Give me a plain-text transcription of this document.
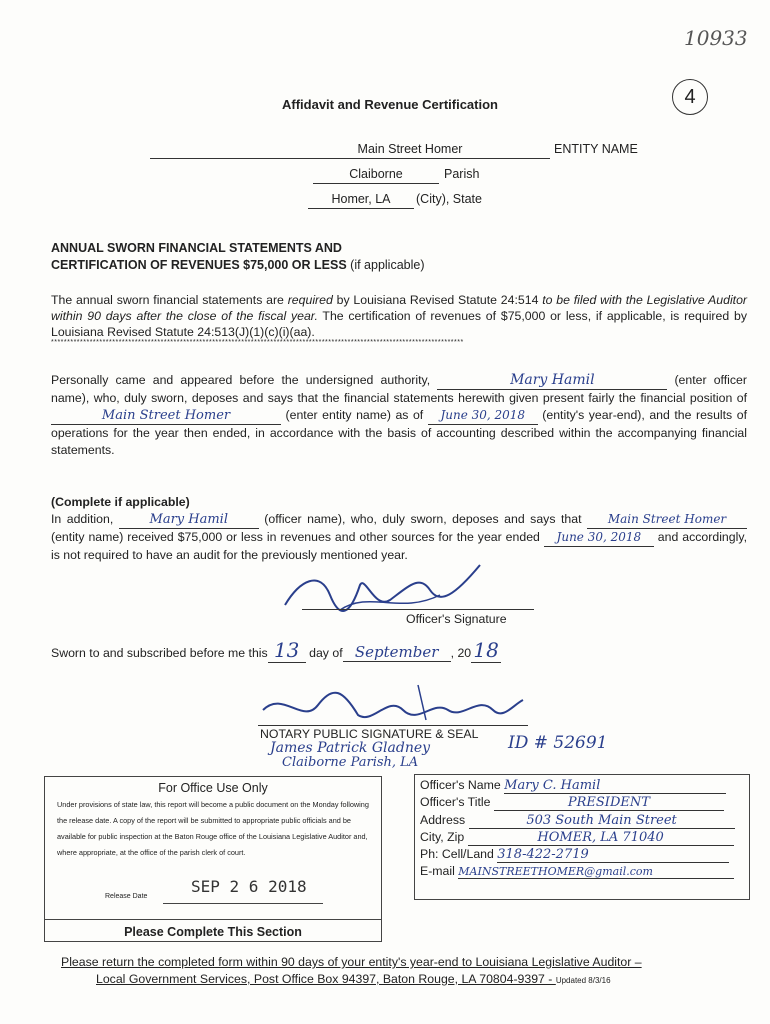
10933
4
Affidavit and Revenue Certification
Main Street Homer	ENTITY NAME
Claiborne	Parish
Homer, LA	(City), State
ANNUAL SWORN FINANCIAL STATEMENTS AND
CERTIFICATION OF REVENUES $75,000 OR LESS (if applicable)
The annual sworn financial statements are required by Louisiana Revised Statute 24:514 to be filed with the Legislative Auditor within 90 days after the close of the fiscal year. The certification of revenues of $75,000 or less, if applicable, is required by Louisiana Revised Statute 24:513(J)(1)(c)(i)(aa).
********************************************************************************************************************************
Personally came and appeared before the undersigned authority,	Mary Hamil	(enter officer name), who, duly sworn, deposes and says that the financial statements herewith given present fairly the financial position of Main Street Homer	(enter entity name) as of June 30, 2018 (entity's year-end), and the results of operations for the year then ended, in accordance with the basis of accounting described within the accompanying financial statements.
(Complete if applicable)
In addition, Mary Hamil	(officer name), who, duly sworn, deposes and says that Main Street Homer (entity name) received $75,000 or less in revenues and other sources for the year ended June 30, 2018 and accordingly, is not required to have an audit for the previously mentioned year.
Officer's Signature
Sworn to and subscribed before me this 13 day of September , 20 18
NOTARY PUBLIC SIGNATURE & SEAL
James Patrick Gladney
Claiborne Parish, LA
ID # 52691
For Office Use Only
Under provisions of state law, this report will become a public document on the Monday following the release date. A copy of the report will be submitted to appropriate public officials and be available for public inspection at the Baton Rouge office of the Louisiana Legislative Auditor and, where appropriate, at the office of the parish clerk of court.
Release Date
SEP 2 6 2018
Please Complete This Section
Officer's Name Mary C. Hamil
Officer's Title	PRESIDENT
Address	503 South Main Street
City, Zip	HOMER, LA 71040
Ph: Cell/Land 318-422-2719
E-mail MAINSTREETHOMER@gmail.com
Please return the completed form within 90 days of your entity's year-end to Louisiana Legislative Auditor –
Local Government Services, Post Office Box 94397, Baton Rouge, LA 70804-9397 - Updated 8/3/16
